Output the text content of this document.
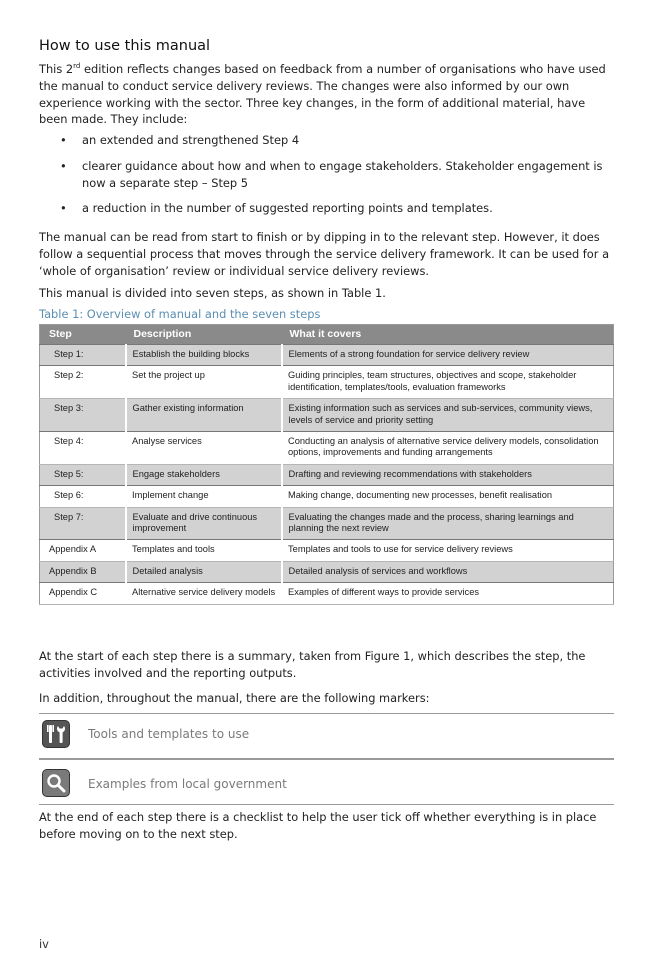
How to use this manual

This 2rd edition reflects changes based on feedback from a number of organisations who have used the manual to conduct service delivery reviews. The changes were also informed by our own experience working with the sector. Three key changes, in the form of additional material, have been made. They include:

• an extended and strengthened Step 4
• clearer guidance about how and when to engage stakeholders. Stakeholder engagement is now a separate step – Step 5
• a reduction in the number of suggested reporting points and templates.

The manual can be read from start to finish or by dipping in to the relevant step. However, it does follow a sequential process that moves through the service delivery framework. It can be used for a ‘whole of organisation’ review or individual service delivery reviews.

This manual is divided into seven steps, as shown in Table 1.

Table 1: Overview of manual and the seven steps
Step	Description	What it covers
Step 1:	Establish the building blocks	Elements of a strong foundation for service delivery review
Step 2:	Set the project up	Guiding principles, team structures, objectives and scope, stakeholder identification, templates/tools, evaluation frameworks
Step 3:	Gather existing information	Existing information such as services and sub-services, community views, levels of service and priority setting
Step 4:	Analyse services	Conducting an analysis of alternative service delivery models, consolidation options, improvements and funding arrangements
Step 5:	Engage stakeholders	Drafting and reviewing recommendations with stakeholders
Step 6:	Implement change	Making change, documenting new processes, benefit realisation
Step 7:	Evaluate and drive continuous improvement	Evaluating the changes made and the process, sharing learnings and planning the next review
Appendix A	Templates and tools	Templates and tools to use for service delivery reviews
Appendix B	Detailed analysis	Detailed analysis of services and workflows
Appendix C	Alternative service delivery models	Examples of different ways to provide services

At the start of each step there is a summary, taken from Figure 1, which describes the step, the activities involved and the reporting outputs.

In addition, throughout the manual, there are the following markers:

Tools and templates to use
Examples from local government

At the end of each step there is a checklist to help the user tick off whether everything is in place before moving on to the next step.

iv
